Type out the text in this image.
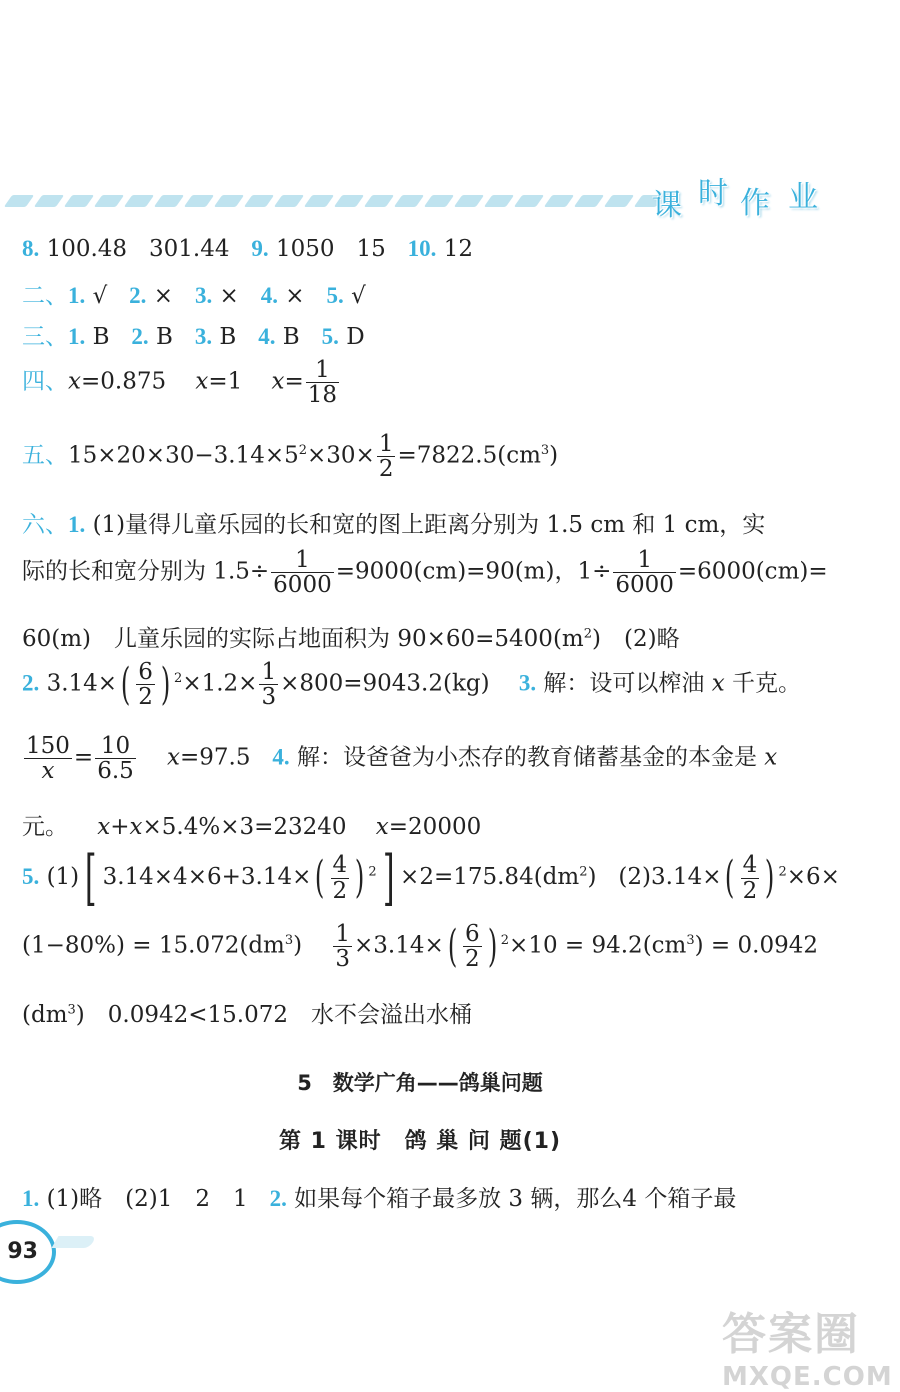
课 时 作 业
8. 100.48 301.44 9. 1050 15 10. 12
二、1. √ 2. × 3. × 4. × 5. √
三、1. B 2. B 3. B 4. B 5. D
四、x=0.875 x=1 $x= \frac{1}{18}$
五、$15\times 20\times 30-3.14\times 5^2\times 30\times \frac{1}{2} =7822.5(cm^3)$
六、1. (1)量得儿童乐园的长和宽的图上距离分别为 1.5 cm 和 1 cm，实
际的长和宽分别为 $1.5\div \frac{1}{6000} =9000(cm)=90(m)$，$1\div \frac{1}{6000} =6000(cm)=$
60(m)　儿童乐园的实际占地面积为 $90\times 60=5400(m^2)$　(2)略
2. $3.14\times( \frac{6}{2}$ ) $^2\times 1.2\times \frac{1}{3} \times 800=9043.2(kg)$ 3. 解：设可以榨油 x 千克。
$\frac{150}{x} = \frac{10}{6.5} x=97.5$ 4. 解：设爸爸为小杰存的教育储蓄基金的本金是 x
元。 x+x×5.4%×3=23240 x=20000
5. (1)[ $3.14\times 4\times 6+3.14\times( \frac{4}{2}$ ) $^2] \times 2=175.84(dm^2)$ $(2)3.14\times( \frac{4}{2}$ ) $^2$×6×
$(1-80\%) = 15.072(dm^3) \frac{1}{3} \times 3.14\times( \frac{6}{2}$ ) $^2\times 10 = 94.2(cm^3) = 0.0942$
$(dm^3)$　0.0942<15.072　水不会溢出水桶
5　数学广角——鸽巢问题
第 1 课时　鸽 巢 问 题(1)
1. (1)略　(2)1　2　1 2. 如果每个箱子最多放 3 辆，那么4 个箱子最
93
答案圈
MXQE.COM
